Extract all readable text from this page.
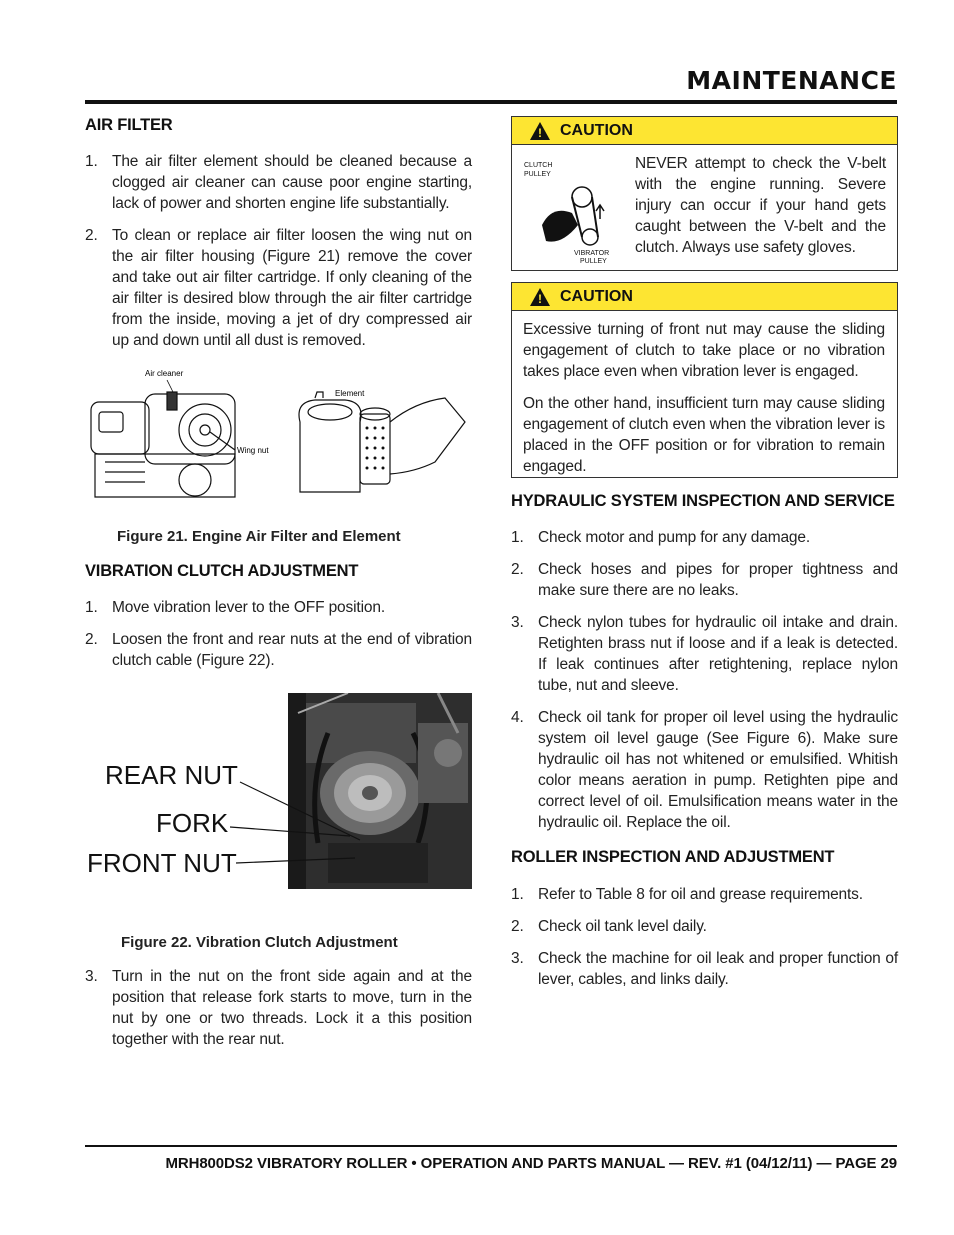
MAINTENANCE
AIR FILTER
1. The air filter element should be cleaned because a clogged air cleaner can cause poor engine starting, lack of power and shorten engine life substantially.
2. To clean or replace air filter loosen the wing nut on the air filter housing (Figure 21) remove the cover and take out air filter cartridge. If only cleaning of the air filter is desired blow through the air filter cartridge from the inside, moving a jet of dry compressed air up and down until all dust is removed.
Air cleaner
Wing nut
Element
Figure 21. Engine Air Filter and Element
VIBRATION CLUTCH ADJUSTMENT
1. Move vibration lever to the OFF position.
2. Loosen the front and rear nuts at the end of vibration clutch cable (Figure 22).
REAR NUT
FORK
FRONT NUT
Figure 22. Vibration Clutch Adjustment
3. Turn in the nut on the front side again and at the position that release fork starts to move, turn in the nut by one or two threads. Lock it a this position together with the rear nut.
! CAUTION
CLUTCH
PULLEY
VIBRATOR
PULLEY
NEVER attempt to check the V-belt with the engine running. Severe injury can occur if your hand gets caught between the V-belt and the clutch. Always use safety gloves.
! CAUTION
Excessive turning of front nut may cause the sliding engagement of clutch to take place or no vibration takes place even when vibration lever is engaged.
On the other hand, insufficient turn may cause sliding engagement of clutch even when the vibration lever is placed in the OFF position or for vibration to remain engaged.
HYDRAULIC SYSTEM INSPECTION AND SERVICE
1. Check motor and pump for any damage.
2. Check hoses and pipes for proper tightness and make sure there are no leaks.
3. Check nylon tubes for hydraulic oil intake and drain. Retighten brass nut if loose and if a leak is detected. If leak continues after retightening, replace nylon tube, nut and sleeve.
4. Check oil tank for proper oil level using the hydraulic system oil level gauge (See Figure 6). Make sure hydraulic oil has not whitened or emulsified. Whitish color means aeration in pump. Retighten pipe and correct level of oil. Emulsification means water in the hydraulic oil. Replace the oil.
ROLLER INSPECTION AND ADJUSTMENT
1. Refer to Table 8 for oil and grease requirements.
2. Check oil tank level daily.
3. Check the machine for oil leak and proper function of lever, cables, and links daily.
MRH800DS2 VIBRATORY ROLLER • OPERATION AND PARTS MANUAL — REV. #1 (04/12/11) — PAGE 29
